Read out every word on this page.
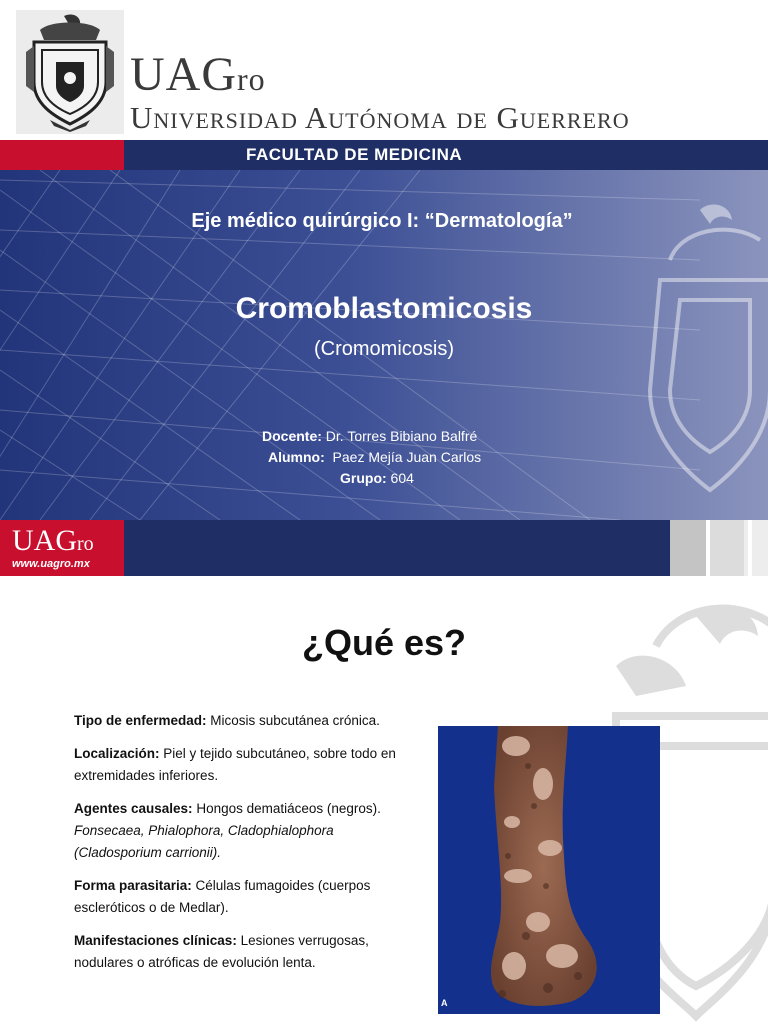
UAGro
Universidad Autónoma de Guerrero
FACULTAD DE MEDICINA
Eje médico quirúrgico I: “Dermatología”
Cromoblastomicosis
(Cromomicosis)
Docente: Dr. Torres Bibiano Balfré
Alumno:  Paez Mejía Juan Carlos
Grupo: 604
UAGro
www.uagro.mx
¿Qué es?

Tipo de enfermedad: Micosis subcutánea crónica.

Localización: Piel y tejido subcutáneo, sobre todo en extremidades inferiores.

Agentes causales: Hongos dematiáceos (negros). Fonsecaea, Phialophora, Cladophialophora (Cladosporium carrionii).

Forma parasitaria: Células fumagoides (cuerpos escleróticos o de Medlar).

Manifestaciones clínicas: Lesiones verrugosas, nodulares o atróficas de evolución lenta.

A
